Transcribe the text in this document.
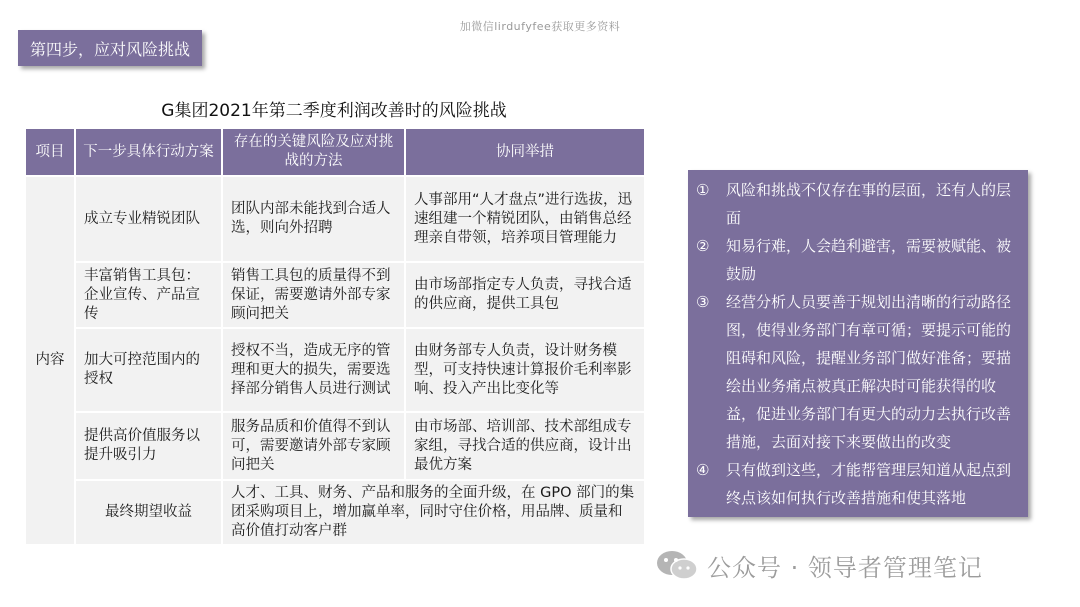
加微信lirdufyfee获取更多资料
第四步，应对风险挑战
G集团2021年第二季度利润改善时的风险挑战
项目	下一步具体行动方案	存在的关键风险及应对挑战的方法	协同举措
内容	成立专业精锐团队	团队内部未能找到合适人选，则向外招聘	人事部用“人才盘点”进行选拔，迅速组建一个精锐团队，由销售总经理亲自带领，培养项目管理能力
	丰富销售工具包：企业宣传、产品宣传	销售工具包的质量得不到保证，需要邀请外部专家顾问把关	由市场部指定专人负责，寻找合适的供应商，提供工具包
	加大可控范围内的授权	授权不当，造成无序的管理和更大的损失，需要选择部分销售人员进行测试	由财务部专人负责，设计财务模型，可支持快速计算报价毛利率影响、投入产出比变化等
	提供高价值服务以提升吸引力	服务品质和价值得不到认可，需要邀请外部专家顾问把关	由市场部、培训部、技术部组成专家组，寻找合适的供应商，设计出最优方案
	最终期望收益	人才、工具、财务、产品和服务的全面升级，在 GPO 部门的集团采购项目上，增加赢单率，同时守住价格，用品牌、质量和高价值打动客户群	
①	风险和挑战不仅存在事的层面，还有人的层面
②	知易行难，人会趋利避害，需要被赋能、被鼓励
③	经营分析人员要善于规划出清晰的行动路径图，使得业务部门有章可循；要提示可能的阻碍和风险，提醒业务部门做好准备；要描绘出业务痛点被真正解决时可能获得的收益，促进业务部门有更大的动力去执行改善措施，去面对接下来要做出的改变
④	只有做到这些，才能帮管理层知道从起点到终点该如何执行改善措施和使其落地
公众号 · 领导者管理笔记
